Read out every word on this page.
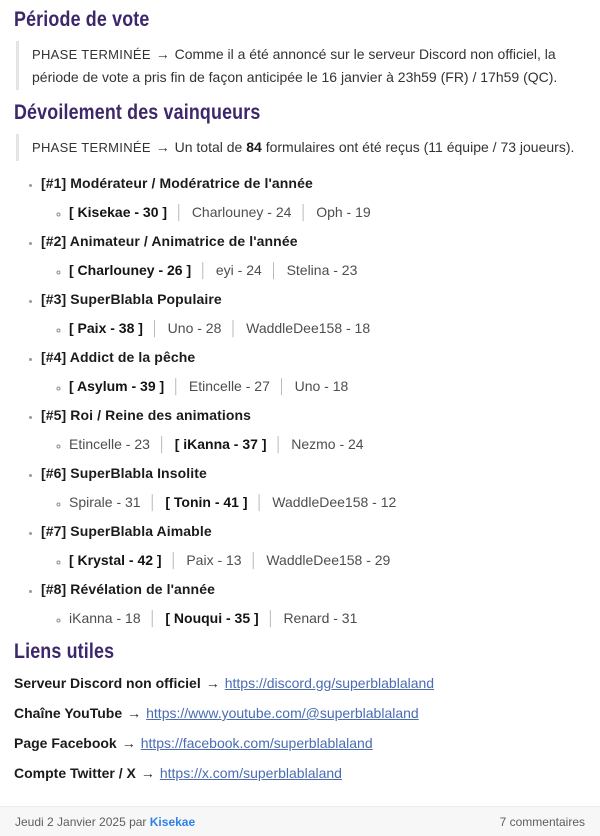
Période de vote

PHASE TERMINÉE → Comme il a été annoncé sur le serveur Discord non officiel, la période de vote a pris fin de façon anticipée le 16 janvier à 23h59 (FR) / 17h59 (QC).

Dévoilement des vainqueurs

PHASE TERMINÉE → Un total de 84 formulaires ont été reçus (11 équipe / 73 joueurs).

• [#1] Modérateur / Modératrice de l'année
◦ [ Kisekae - 30 ] │ Charlouney - 24 │ Oph - 19
• [#2] Animateur / Animatrice de l'année
◦ [ Charlouney - 26 ] │ eyi - 24 │ Stelina - 23
• [#3] SuperBlabla Populaire
◦ [ Paix - 38 ] │ Uno - 28 │ WaddleDee158 - 18
• [#4] Addict de la pêche
◦ [ Asylum - 39 ] │ Etincelle - 27 │ Uno - 18
• [#5] Roi / Reine des animations
◦ Etincelle - 23 │ [ iKanna - 37 ] │ Nezmo - 24
• [#6] SuperBlabla Insolite
◦ Spirale - 31 │ [ Tonin - 41 ] │ WaddleDee158 - 12
• [#7] SuperBlabla Aimable
◦ [ Krystal - 42 ] │ Paix - 13 │ WaddleDee158 - 29
• [#8] Révélation de l'année
◦ iKanna - 18 │ [ Nouqui - 35 ] │ Renard - 31
Liens utiles

Serveur Discord non officiel → https://discord.gg/superblablaland

Chaîne YouTube → https://www.youtube.com/@superblablaland

Page Facebook → https://facebook.com/superblablaland

Compte Twitter / X → https://x.com/superblablaland

Jeudi 2 Janvier 2025 par Kisekae	7 commentaires
